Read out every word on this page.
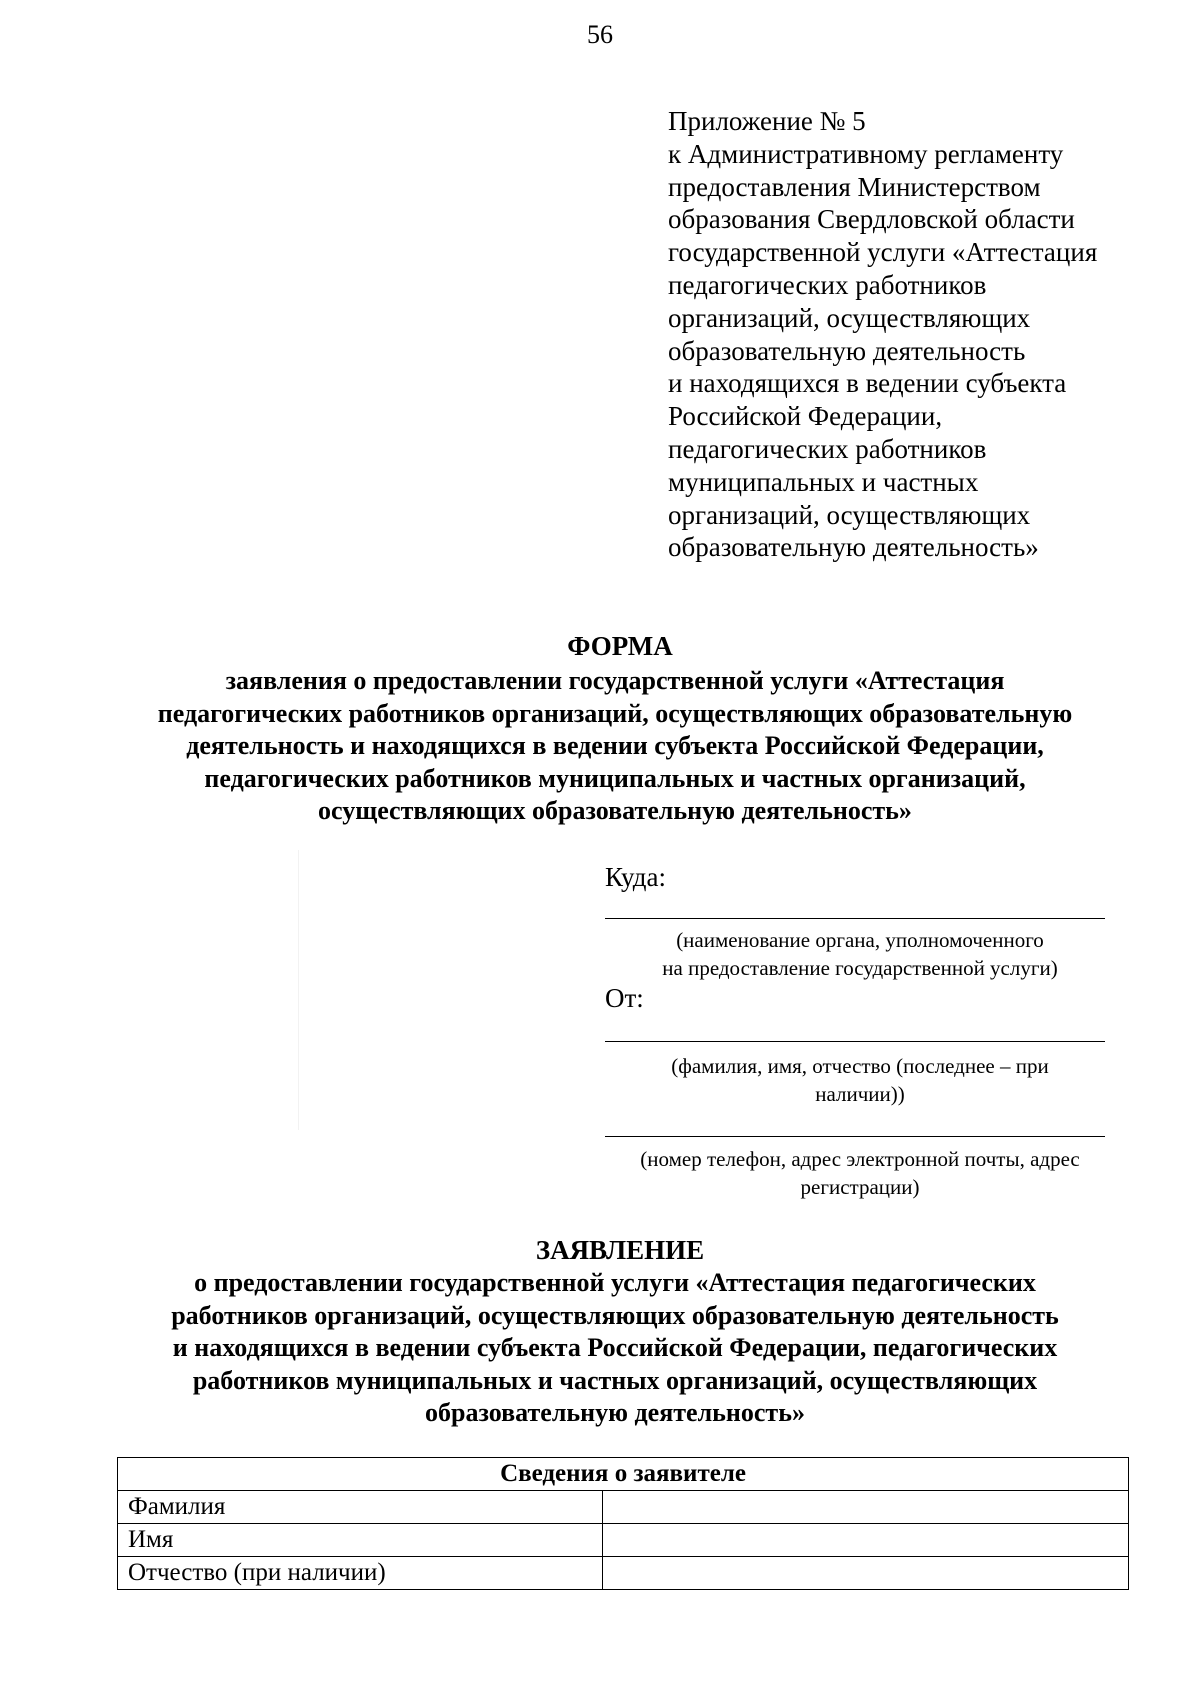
56
Приложение № 5
к Административному регламенту
предоставления Министерством
образования Свердловской области
государственной услуги «Аттестация
педагогических работников
организаций, осуществляющих
образовательную деятельность
и находящихся в ведении субъекта
Российской Федерации,
педагогических работников
муниципальных и частных
организаций, осуществляющих
образовательную деятельность»
ФОРМА
заявления о предоставлении государственной услуги «Аттестация
педагогических работников организаций, осуществляющих образовательную
деятельность и находящихся в ведении субъекта Российской Федерации,
педагогических работников муниципальных и частных организаций,
осуществляющих образовательную деятельность»
Куда:
(наименование органа, уполномоченного
на предоставление государственной услуги)
От:
(фамилия, имя, отчество (последнее – при
наличии))
(номер телефон, адрес электронной почты, адрес
регистрации)
ЗАЯВЛЕНИЕ
о предоставлении государственной услуги «Аттестация педагогических
работников организаций, осуществляющих образовательную деятельность
и находящихся в ведении субъекта Российской Федерации, педагогических
работников муниципальных и частных организаций, осуществляющих
образовательную деятельность»
Сведения о заявителе	
Фамилия	
Имя	
Отчество (при наличии)	
